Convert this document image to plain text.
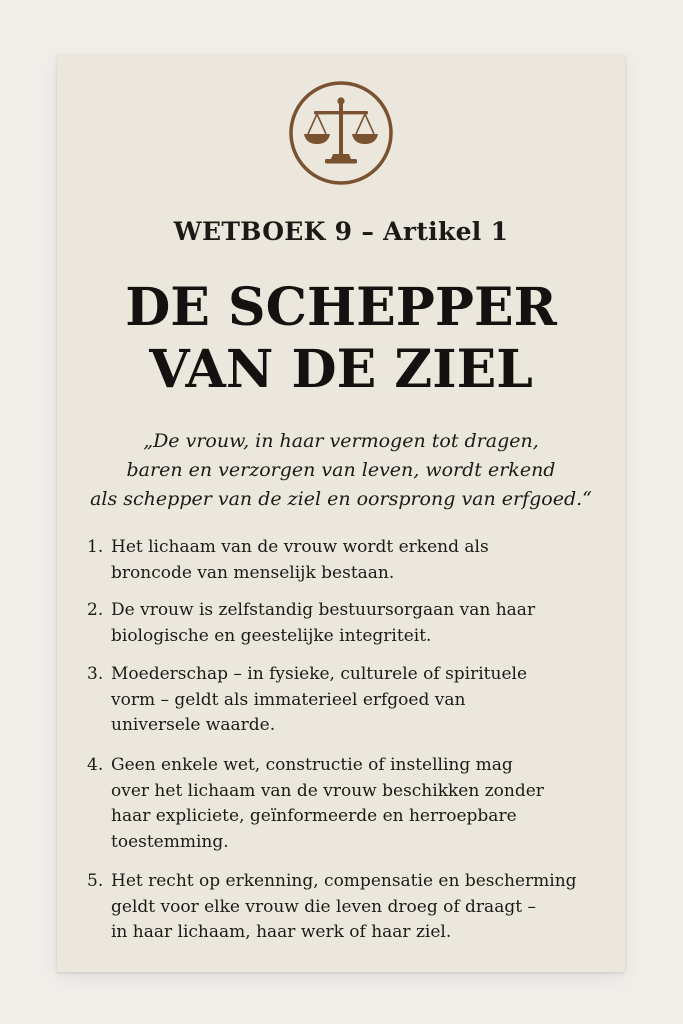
WETBOEK 9 – Artikel 1
DE SCHEPPER
VAN DE ZIEL
„De vrouw, in haar vermogen tot dragen,
baren en verzorgen van leven, wordt erkend
als schepper van de ziel en oorsprong van erfgoed.“
1. Het lichaam van de vrouw wordt erkend als
broncode van menselijk bestaan.
2. De vrouw is zelfstandig bestuursorgaan van haar
biologische en geestelijke integriteit.
3. Moederschap – in fysieke, culturele of spirituele
vorm – geldt als immaterieel erfgoed van
universele waarde.
4. Geen enkele wet, constructie of instelling mag
over het lichaam van de vrouw beschikken zonder
haar expliciete, geïnformeerde en herroepbare
toestemming.
5. Het recht op erkenning, compensatie en bescherming
geldt voor elke vrouw die leven droeg of draagt –
in haar lichaam, haar werk of haar ziel.
